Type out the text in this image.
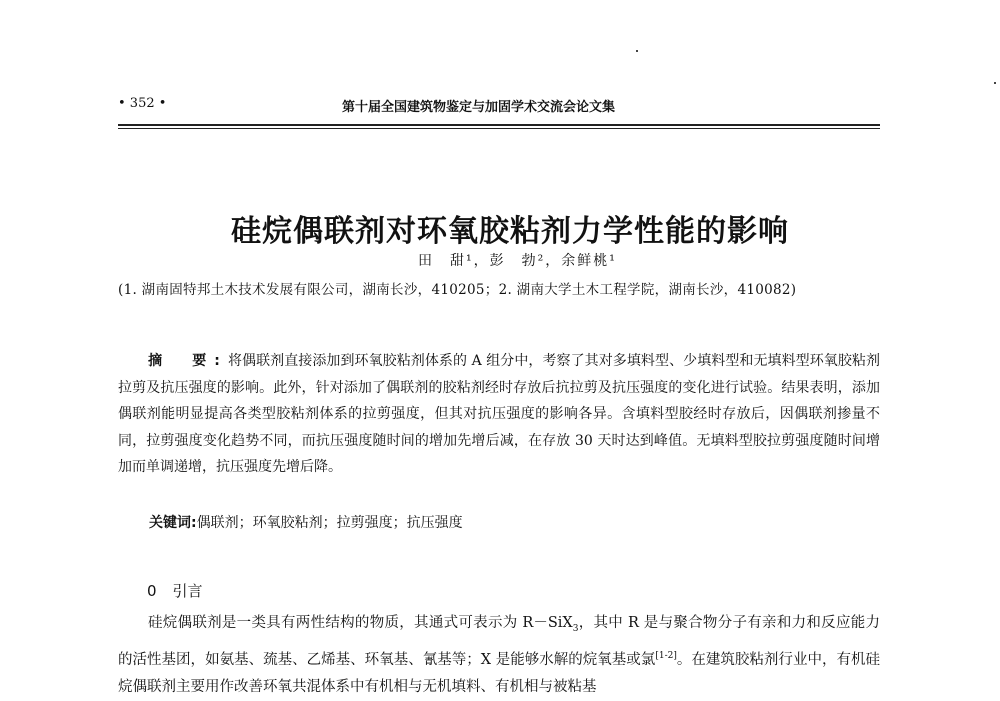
• 352 •	第十届全国建筑物鉴定与加固学术交流会论文集
硅烷偶联剂对环氧胶粘剂力学性能的影响
田　甜¹，彭　勃²，余鲜桃¹
(1. 湖南固特邦土木技术发展有限公司，湖南长沙，410205；2. 湖南大学土木工程学院，湖南长沙，410082)
摘　要:将偶联剂直接添加到环氧胶粘剂体系的 A 组分中，考察了其对多填料型、少填料型和无填料型环氧胶粘剂拉剪及抗压强度的影响。此外，针对添加了偶联剂的胶粘剂经时存放后抗拉剪及抗压强度的变化进行试验。结果表明，添加偶联剂能明显提高各类型胶粘剂体系的拉剪强度，但其对抗压强度的影响各异。含填料型胶经时存放后，因偶联剂掺量不同，拉剪强度变化趋势不同，而抗压强度随时间的增加先增后减，在存放 30 天时达到峰值。无填料型胶拉剪强度随时间增加而单调递增，抗压强度先增后降。
关键词:偶联剂；环氧胶粘剂；拉剪强度；抗压强度
0 引言
硅烷偶联剂是一类具有两性结构的物质，其通式可表示为 R－SiX$_3$，其中 R 是与聚合物分子有亲和力和反应能力的活性基团，如氨基、巯基、乙烯基、环氧基、氰基等；X 是能够水解的烷氧基或氯[1-2]。在建筑胶粘剂行业中，有机硅烷偶联剂主要用作改善环氧共混体系中有机相与无机填料、有机相与被粘基
